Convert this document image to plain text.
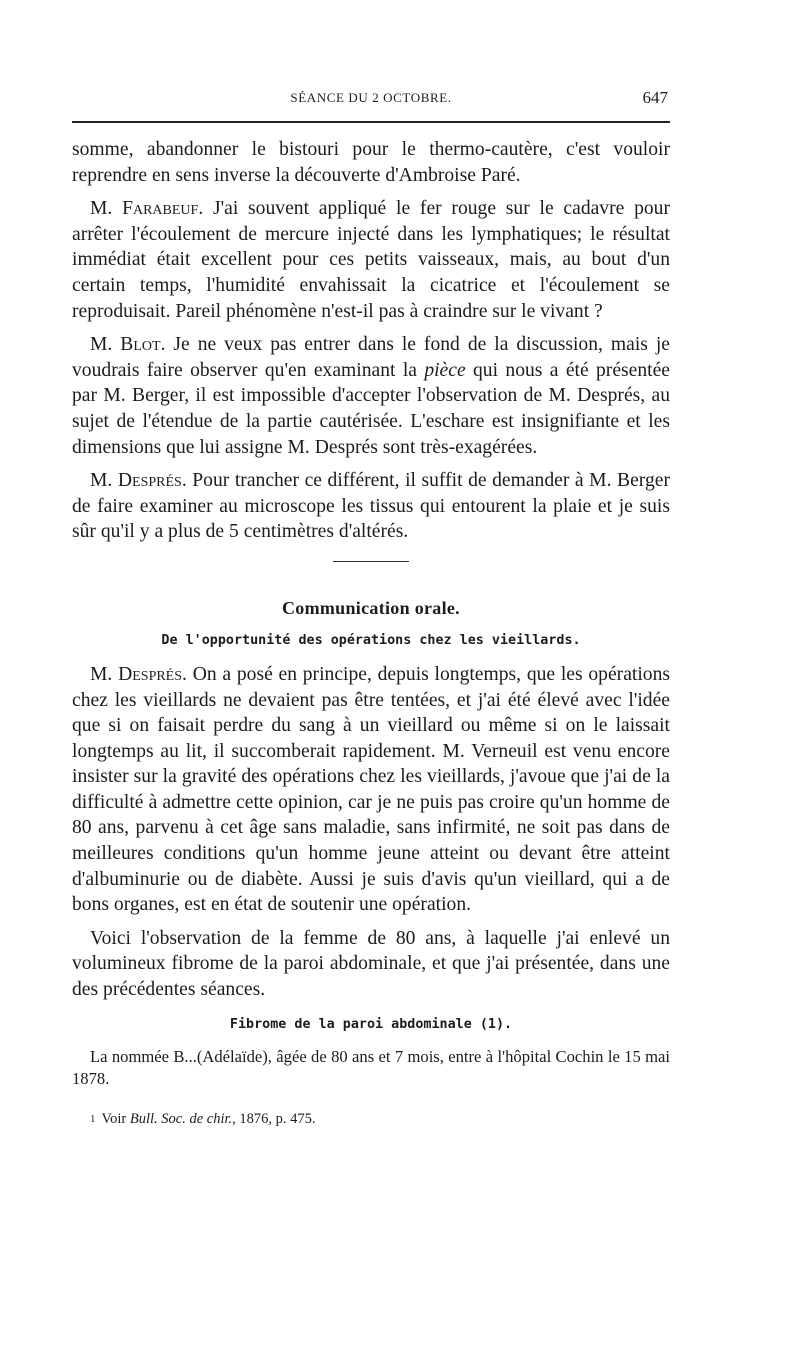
SÉANCE DU 2 OCTOBRE.	647

somme, abandonner le bistouri pour le thermo-cautère, c'est vouloir reprendre en sens inverse la découverte d'Ambroise Paré.

M. Farabeuf. J'ai souvent appliqué le fer rouge sur le cadavre pour arrêter l'écoulement de mercure injecté dans les lymphatiques; le résultat immédiat était excellent pour ces petits vaisseaux, mais, au bout d'un certain temps, l'humidité envahissait la cicatrice et l'écoulement se reproduisait. Pareil phénomène n'est-il pas à craindre sur le vivant ?

M. Blot. Je ne veux pas entrer dans le fond de la discussion, mais je voudrais faire observer qu'en examinant la pièce qui nous a été présentée par M. Berger, il est impossible d'accepter l'observation de M. Després, au sujet de l'étendue de la partie cautérisée. L'eschare est insignifiante et les dimensions que lui assigne M. Després sont très-exagérées.

M. Després. Pour trancher ce différent, il suffit de demander à M. Berger de faire examiner au microscope les tissus qui entourent la plaie et je suis sûr qu'il y a plus de 5 centimètres d'altérés.

Communication orale.
De l'opportunité des opérations chez les vieillards.

M. Després. On a posé en principe, depuis longtemps, que les opérations chez les vieillards ne devaient pas être tentées, et j'ai été élevé avec l'idée que si on faisait perdre du sang à un vieillard ou même si on le laissait longtemps au lit, il succomberait rapidement. M. Verneuil est venu encore insister sur la gravité des opérations chez les vieillards, j'avoue que j'ai de la difficulté à admettre cette opinion, car je ne puis pas croire qu'un homme de 80 ans, parvenu à cet âge sans maladie, sans infirmité, ne soit pas dans de meilleures conditions qu'un homme jeune atteint ou devant être atteint d'albuminurie ou de diabète. Aussi je suis d'avis qu'un vieillard, qui a de bons organes, est en état de soutenir une opération.

Voici l'observation de la femme de 80 ans, à laquelle j'ai enlevé un volumineux fibrome de la paroi abdominale, et que j'ai présentée, dans une des précédentes séances.

Fibrome de la paroi abdominale (1).

La nommée B...(Adélaïde), âgée de 80 ans et 7 mois, entre à l'hôpital Cochin le 15 mai 1878.

1 Voir Bull. Soc. de chir., 1876, p. 475.
